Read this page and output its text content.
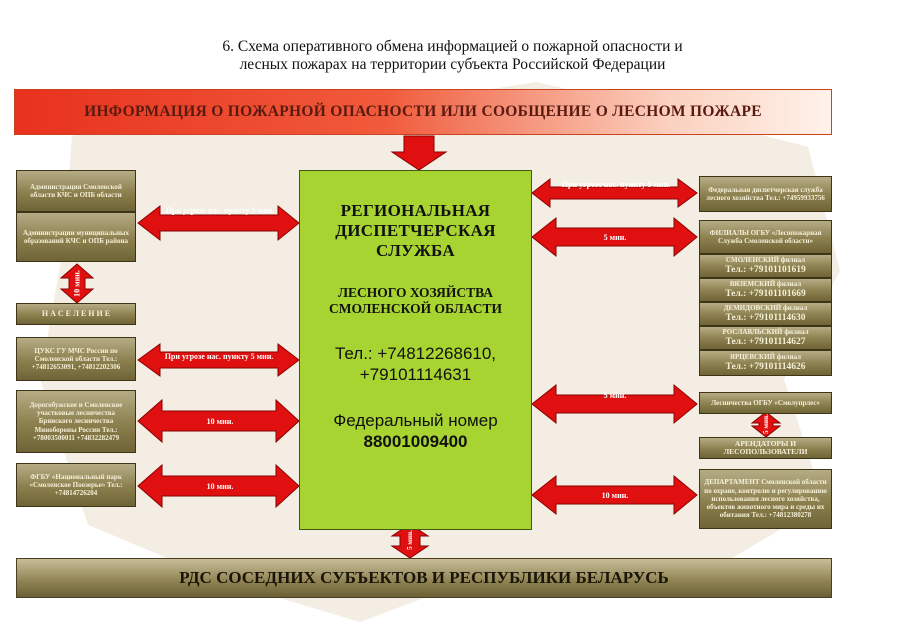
6. Схема оперативного обмена информацией о пожарной опасности и
лесных пожарах на территории субъекта Российской Федерации
ИНФОРМАЦИЯ О ПОЖАРНОЙ ОПАСНОСТИ ИЛИ СООБЩЕНИЕ О ЛЕСНОМ ПОЖАРЕ
При угрозе нас. пункту 5 мин.
При угрозе нас. пункту 5 мин.
10 мин.
10 мин.
При угрозе нас. пункту 5 мин.
5 мин.
5 мин.
10 мин.
10 мин.
5 мин.
5 мин.
РЕГИОНАЛЬНАЯ ДИСПЕТЧЕРСКАЯ СЛУЖБА
ЛЕСНОГО ХОЗЯЙСТВА СМОЛЕНСКОЙ ОБЛАСТИ
Тел.: +74812268610, +79101114631
Федеральный номер
88001009400
Администрация Смоленской области КЧС и ОПБ области
Администрации муниципальных образований КЧС и ОПБ района
Н А С Е Л Е Н И Е
ЦУКС ГУ МЧС России по Смоленской области Тел.: +74812653091, +74812202306
Дорогобужское и Смоленское участковые лесничества Брянского лесничества Минобороны России Тел.: +78003500011 +74832282479
ФГБУ «Национальный парк «Смоленское Поозерье» Тел.: +74814726204
Федеральная диспетчерская служба лесного хозяйства Тел.: +74959933756
ФИЛИАЛЫ ОГБУ «Лесопожарная Служба Смоленской области»
СМОЛЕНСКИЙ филиал
Тел.: +79101101619
ВЯЗЕМСКИЙ филиал
Тел.: +79101101669
ДЕМИДОВСКИЙ филиал
Тел.: +79101114630
РОСЛАВЛЬСКИЙ филиал
Тел.: +79101114627
ЯРЦЕВСКИЙ филиал
Тел.: +79101114626
Лесничества ОГБУ «Смолупрлес»
АРЕНДАТОРЫ И ЛЕСОПОЛЬЗОВАТЕЛИ
ДЕПАРТАМЕНТ Смоленской области по охране, контролю и регулированию использования лесного хозяйства, объектов животного мира и среды их обитания Тел.: +74812380278
РДС СОСЕДНИХ СУБЪЕКТОВ И РЕСПУБЛИКИ БЕЛАРУСЬ
